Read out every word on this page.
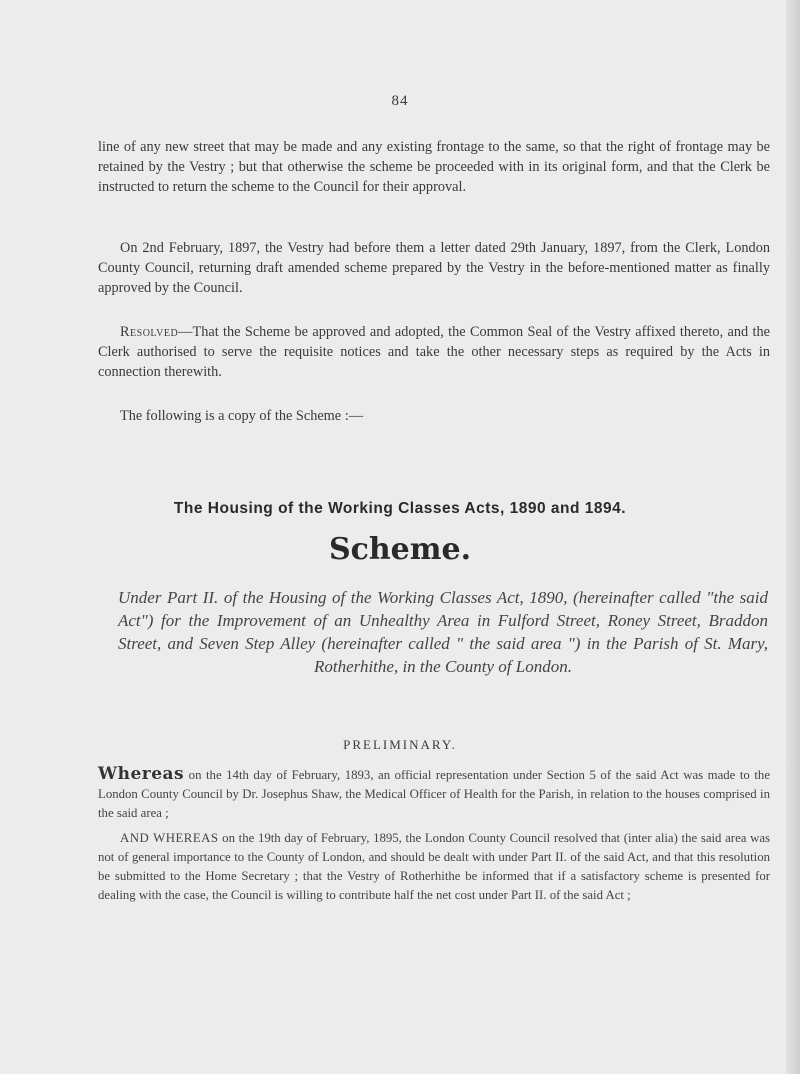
84

line of any new street that may be made and any existing frontage to the same, so that the right of frontage may be retained by the Vestry ; but that otherwise the scheme be proceeded with in its original form, and that the Clerk be instructed to return the scheme to the Council for their approval.

On 2nd February, 1897, the Vestry had before them a letter dated 29th January, 1897, from the Clerk, London County Council, returning draft amended scheme prepared by the Vestry in the before-mentioned matter as finally approved by the Council.

Resolved—That the Scheme be approved and adopted, the Common Seal of the Vestry affixed thereto, and the Clerk authorised to serve the requisite notices and take the other necessary steps as required by the Acts in connection therewith.

The following is a copy of the Scheme :—

The Housing of the Working Classes Acts, 1890 and 1894.
Scheme.
Under Part II. of the Housing of the Working Classes Act, 1890, (hereinafter called "the said Act") for the Improvement of an Unhealthy Area in Fulford Street, Roney Street, Braddon Street, and Seven Step Alley (hereinafter called " the said area ") in the Parish of St. Mary, Rotherhithe, in the County of London.
PRELIMINARY.
Whereas on the 14th day of February, 1893, an official representation under Section 5 of the said Act was made to the London County Council by Dr. Josephus Shaw, the Medical Officer of Health for the Parish, in relation to the houses comprised in the said area ;
AND WHEREAS on the 19th day of February, 1895, the London County Council resolved that (inter alia) the said area was not of general importance to the County of London, and should be dealt with under Part II. of the said Act, and that this resolution be submitted to the Home Secretary ; that the Vestry of Rotherhithe be informed that if a satisfactory scheme is presented for dealing with the case, the Council is willing to contribute half the net cost under Part II. of the said Act ;
